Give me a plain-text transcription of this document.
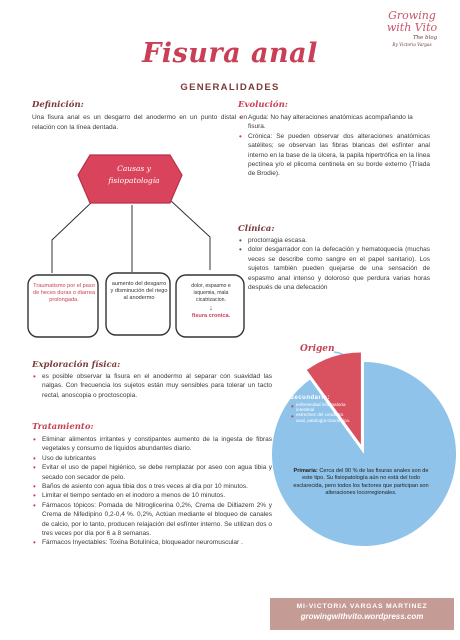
Growing
with Vito
The blog
By Victoria Vargas
Fisura anal
GENERALIDADES
Definición:
Una fisura anal es un desgarro del anodermo en un punto distal en relación con la línea dentada.
Causas y fisiopatología
Traumatismo por el paso de heces duras o diarrea prolongada.
aumento del desgarro y disminución del riego al anodermo
dolor, espasmo e isquemia, mala cicatrizacion.
↓
fisura cronica.
Evolución:
• Aguda: No hay alteraciones anatómicas acompañando la fisura.
• Crónica: Se pueden observar dos alteraciones anatómicas satélites; se observan las fibras blancas del esfínter anal interno en la base de la úlcera, la papila hipertrófica en la línea pectínea y/o el plicoma centinela en su borde externo (Tríada de Brodie).
Clínica:
• proctorragia escasa.
• dolor desgarrador con la defecación y hematoquecia (muchas veces se describe como sangre en el papel sanitario). Los sujetos también pueden quejarse de una sensación de espasmo anal intenso y doloroso que perdura varias horas después de una defecación
Exploración física:
• es posible observar la fisura en el anodermo al separar con suavidad las nalgas. Con frecuencia los sujetos están muy sensibles para tolerar un tacto rectal, anoscopia o proctoscopia.
Tratamiento:
• Eliminar alimentos irritantes y constipantes aumento de la ingesta de fibras vegetales y consumo de líquidos abundantes diario.
• Uso de lubricantes
• Evitar el uso de papel higiénico, se debe remplazar por aseo con agua tibia y secado con secador de pelo.
• Baños de asiento con agua tibia dos o tres veces al día por 10 minutos.
• Limitar el tiempo sentado en el inodoro a menos de 10 minutos.
• Fármacos tópicos: Pomada de Nitroglicerina 0,2%, Crema de Diltiazem 2% y Crema de Nifedipino 0,2-0,4 %. 0,2%, Actúan mediante el bloqueo de canales de calcio, por lo tanto, producen relajación del esfínter interno. Se utilizan dos o tres veces por día por 6 a 8 semanas.
• Fármacos Inyectables: Toxina Botulínica, bloqueador neuromuscular .
Origen
Secundaria:
• enfermedad inflamatoria intestinal
• estrechez del conducto anal, patología traumática.
Primaria: Cerca del 90 % de las fisuras anales son de este tipo. Su fisiopatología aún no está del todo esclarecida, pero todos los factores que participan son alteraciones locorregionales.
MI-VICTORIA VARGAS MARTINEZ
growingwithvito.wordpress.com
